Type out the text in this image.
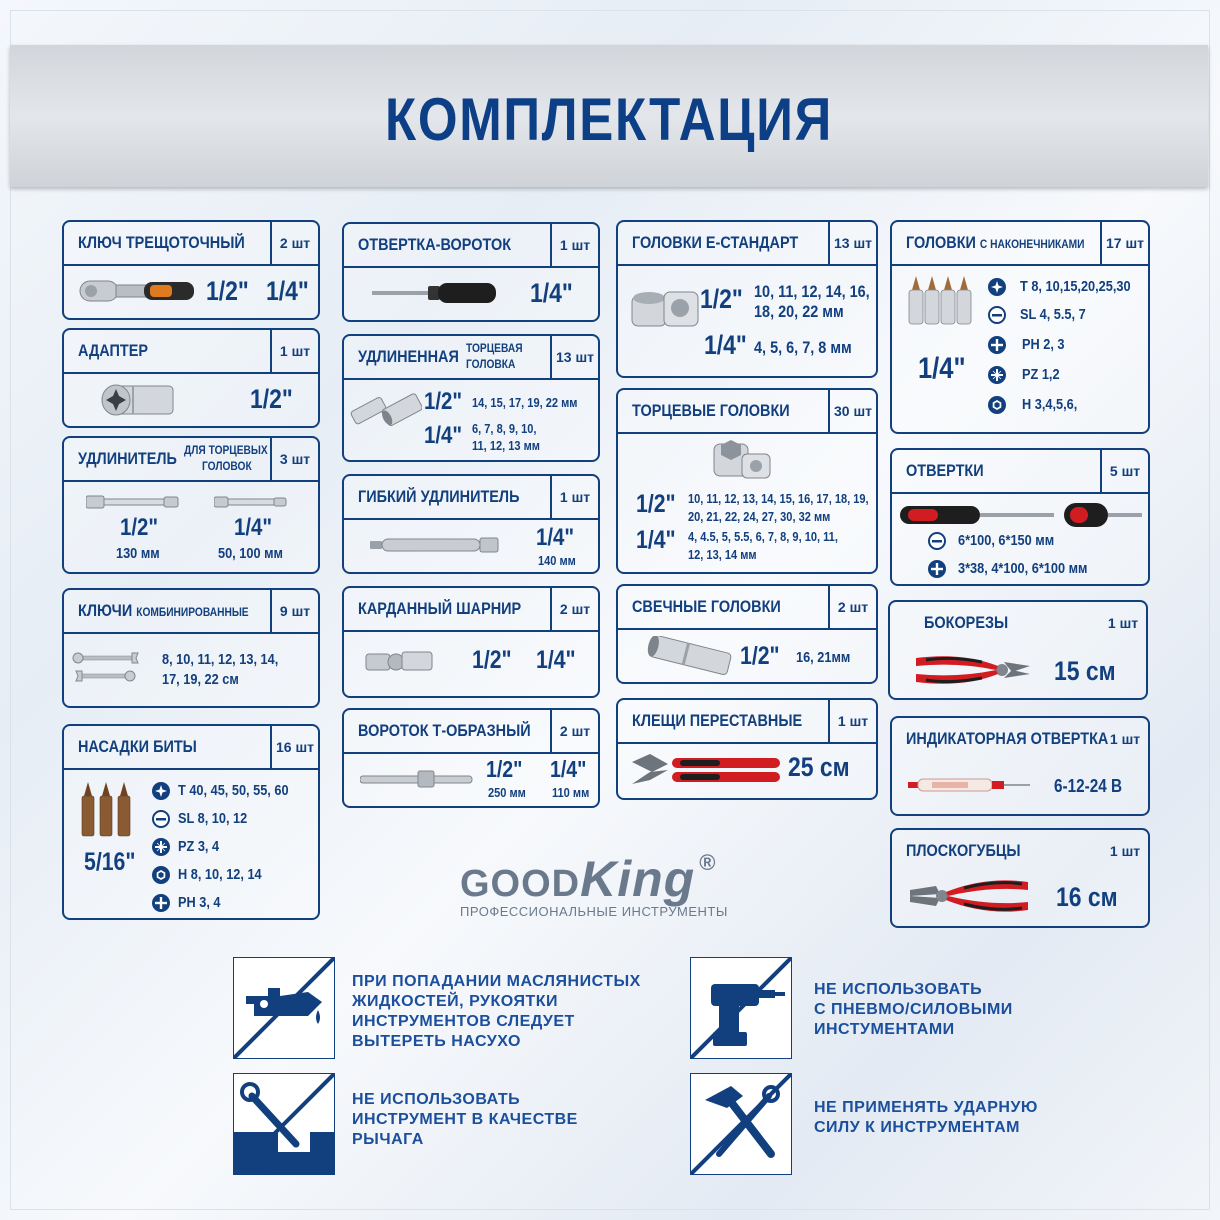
КОМПЛЕКТАЦИЯ
КЛЮЧ ТРЕЩОТОЧНЫЙ	2 шт
1/2" 1/4"
АДАПТЕР	1 шт
1/2"
УДЛИНИТЕЛЬ ДЛЯ ТОРЦЕВЫХ
ГОЛОВОК	3 шт
1/2"
130 мм
1/4"
50, 100 мм
КЛЮЧИ КОМБИНИРОВАННЫЕ	9 шт
8, 10, 11, 12, 13, 14,
17, 19, 22 см
НАСАДКИ БИТЫ	16 шт
5/16"
T 40, 45, 50, 55, 60
SL 8, 10, 12
PZ 3, 4
H 8, 10, 12, 14
PH 3, 4
ОТВЕРТКА-ВОРОТОК	1 шт
1/4"
УДЛИНЕННАЯ ТОРЦЕВАЯ
ГОЛОВКА	13 шт
1/2" 14, 15, 17, 19, 22 мм
1/4" 6, 7, 8, 9, 10,
11, 12, 13 мм
ГИБКИЙ УДЛИНИТЕЛЬ	1 шт
1/4"
140 мм
КАРДАННЫЙ ШАРНИР	2 шт
1/2" 1/4"
ВОРОТОК Т-ОБРАЗНЫЙ	2 шт
1/2"
250 мм
1/4"
110 мм
ГОЛОВКИ Е-СТАНДАРТ	13 шт
1/2" 10, 11, 12, 14, 16,
18, 20, 22 мм
1/4" 4, 5, 6, 7, 8 мм
ТОРЦЕВЫЕ ГОЛОВКИ	30 шт
1/2" 10, 11, 12, 13, 14, 15, 16, 17, 18, 19,
20, 21, 22, 24, 27, 30, 32 мм
1/4" 4, 4.5, 5, 5.5, 6, 7, 8, 9, 10, 11,
12, 13, 14 мм
СВЕЧНЫЕ ГОЛОВКИ	2 шт
1/2" 16, 21мм
КЛЕЩИ ПЕРЕСТАВНЫЕ	1 шт
25 см
ГОЛОВКИ С НАКОНЕЧНИКАМИ	17 шт
1/4"
T 8, 10,15,20,25,30
SL 4, 5.5, 7
PH 2, 3
PZ 1,2
H 3,4,5,6,
ОТВЕРТКИ	5 шт
6*100, 6*150 мм
3*38, 4*100, 6*100 мм
БОКОРЕЗЫ	1 шт
15 см
ИНДИКАТОРНАЯ ОТВЕРТКА 1 шт
6-12-24 В
ПЛОСКОГУБЦЫ	1 шт
16 см
GOODKing ®
ПРОФЕССИОНАЛЬНЫЕ ИНСТРУМЕНТЫ
ПРИ ПОПАДАНИИ МАСЛЯНИСТЫХ
ЖИДКОСТЕЙ, РУКОЯТКИ
ИНСТРУМЕНТОВ СЛЕДУЕТ
ВЫТЕРЕТЬ НАСУХО
НЕ ИСПОЛЬЗОВАТЬ
С ПНЕВМО/СИЛОВЫМИ
ИНСТУМЕНТАМИ
НЕ ИСПОЛЬЗОВАТЬ
ИНСТРУМЕНТ В КАЧЕСТВЕ
РЫЧАГА
НЕ ПРИМЕНЯТЬ УДАРНУЮ
СИЛУ К ИНСТРУМЕНТАМ
